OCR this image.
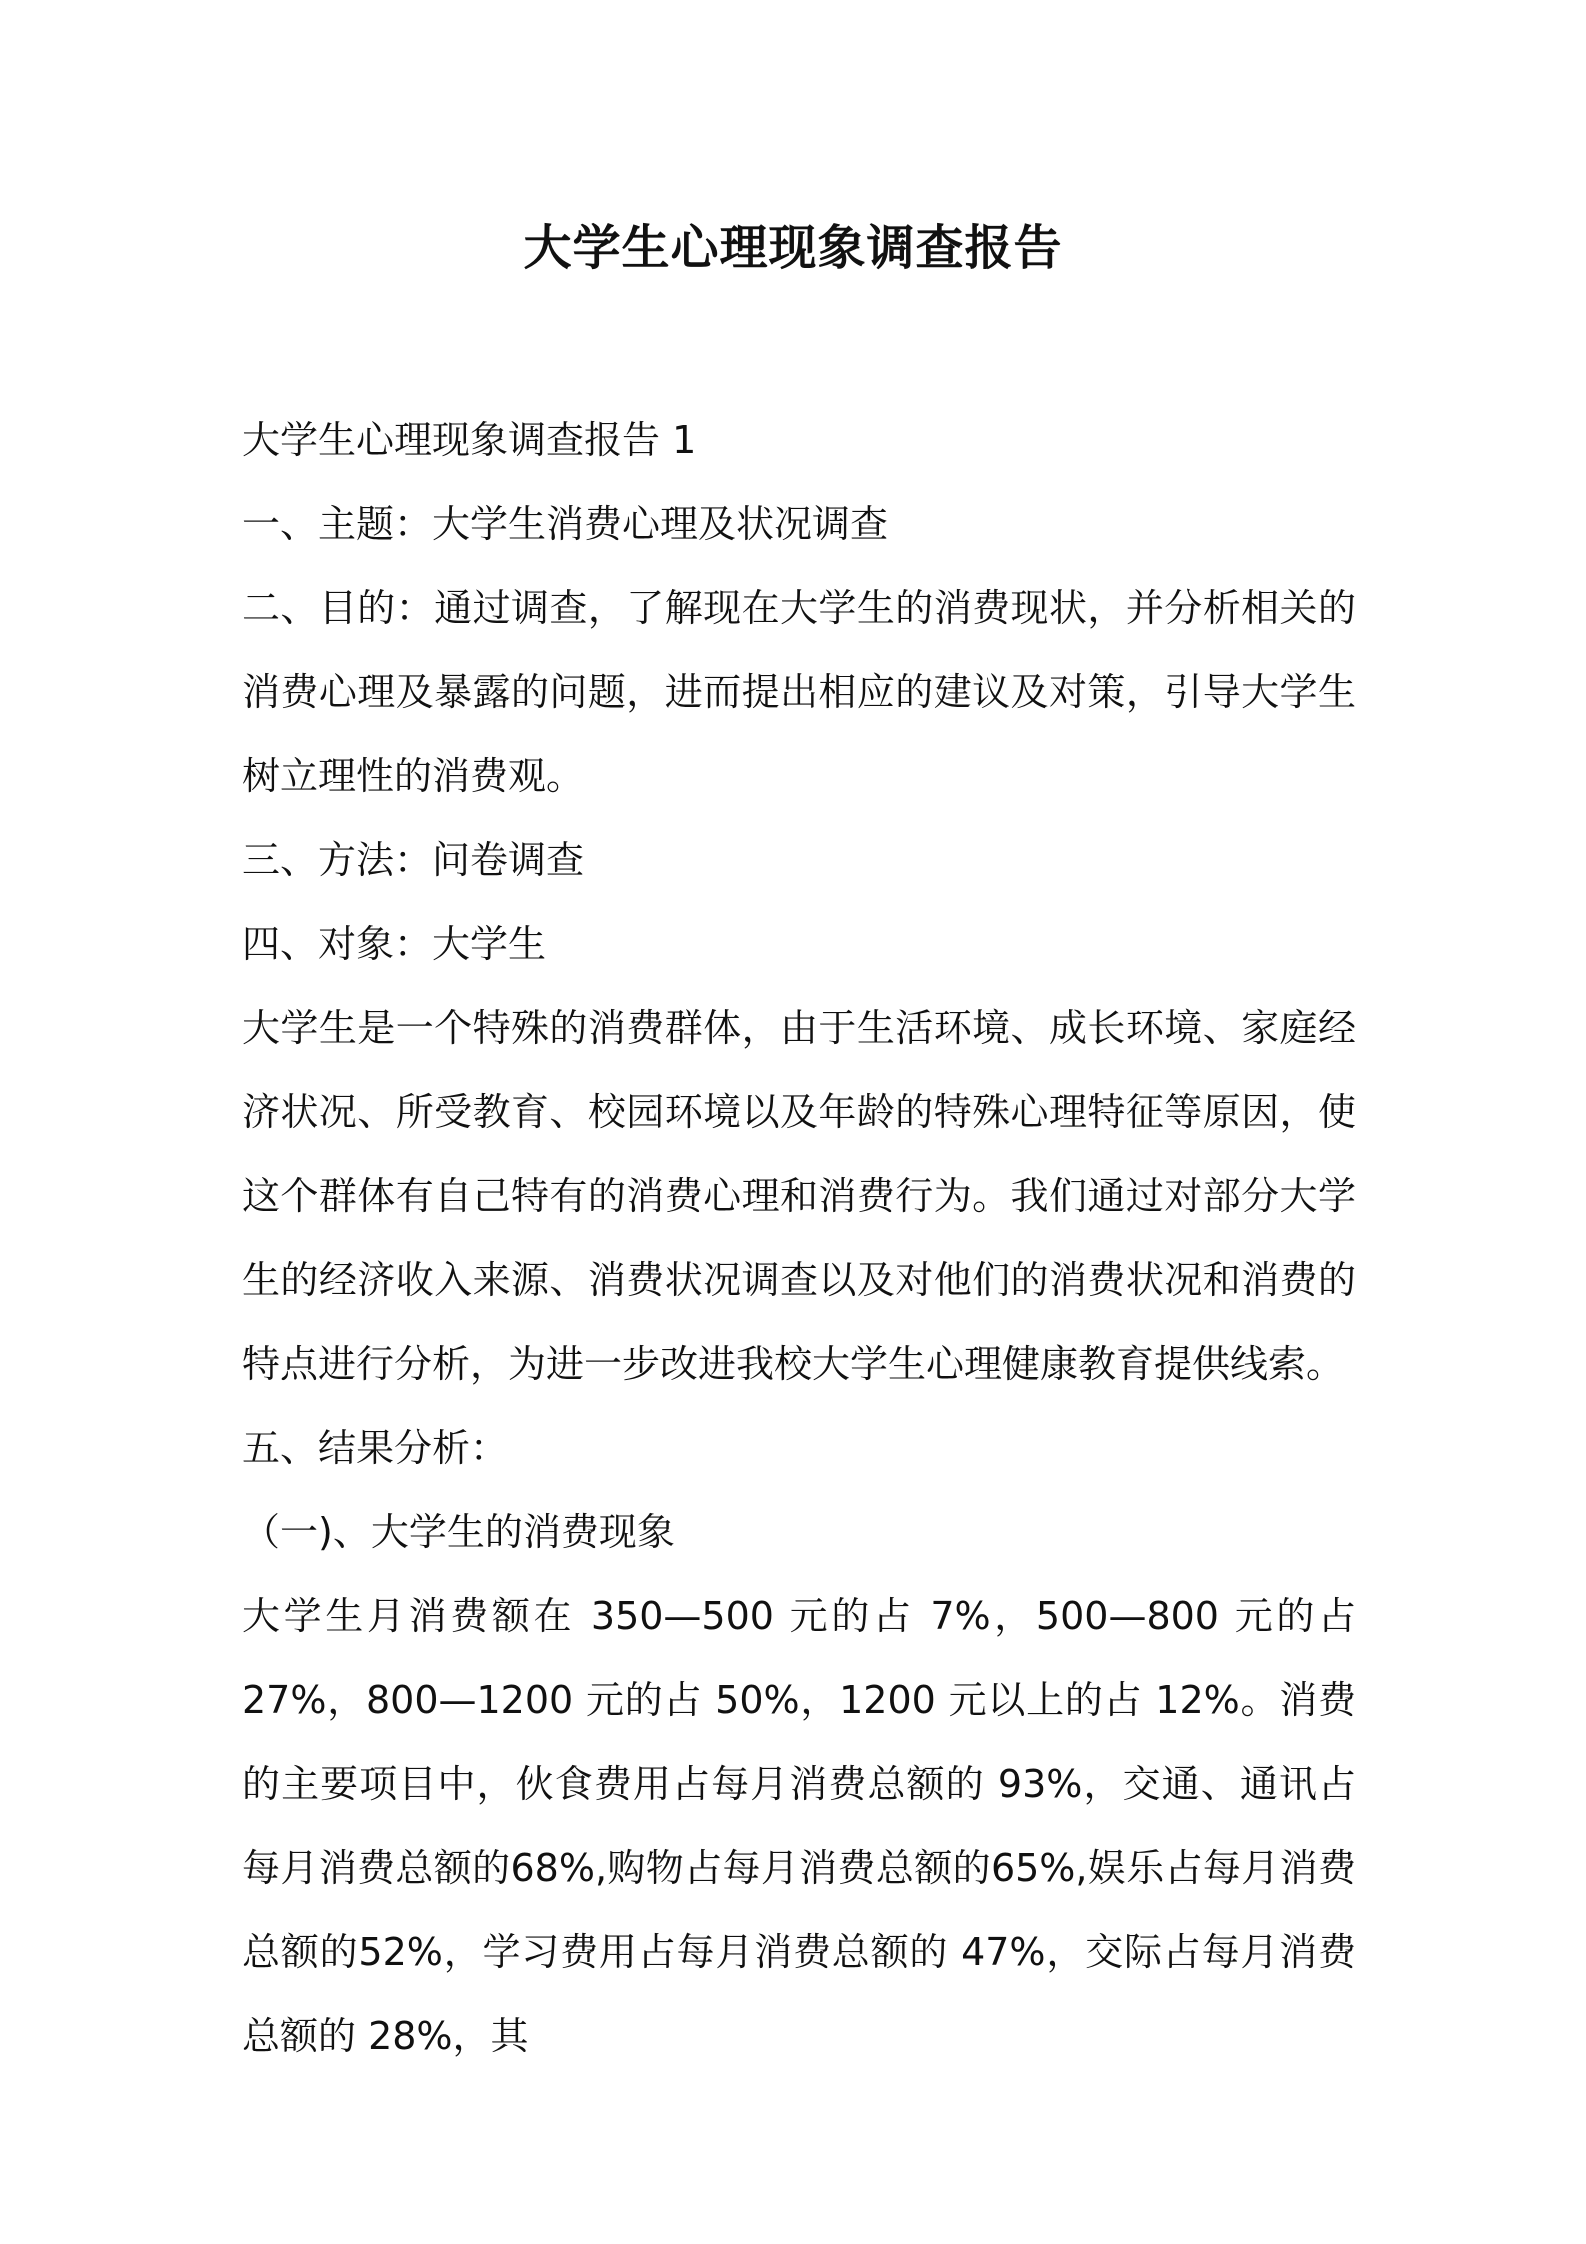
大学生心理现象调查报告

大学生心理现象调查报告 1

一、主题：大学生消费心理及状况调查

二、目的：通过调查，了解现在大学生的消费现状，并分析相关的消费心理及暴露的问题，进而提出相应的建议及对策，引导大学生树立理性的消费观。

三、方法：问卷调查

四、对象：大学生

大学生是一个特殊的消费群体，由于生活环境、成长环境、家庭经济状况、所受教育、校园环境以及年龄的特殊心理特征等原因，使这个群体有自己特有的消费心理和消费行为。我们通过对部分大学生的经济收入来源、消费状况调查以及对他们的消费状况和消费的特点进行分析，为进一步改进我校大学生心理健康教育提供线索。

五、结果分析：

（一)、大学生的消费现象

大学生月消费额在 350—500 元的占 7%，500—800 元的占 27%，800—1200 元的占 50%，1200 元以上的占 12%。消费的主要项目中，伙食费用占每月消费总额的 93%，交通、通讯占每月消费总额的68%,购物占每月消费总额的65%,娱乐占每月消费总额的52%，学习费用占每月消费总额的 47%，交际占每月消费总额的 28%，其
